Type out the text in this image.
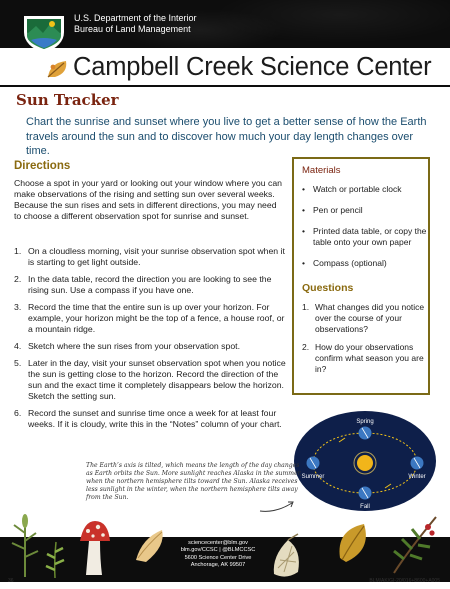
U.S. Department of the Interior
Bureau of Land Management
Campbell Creek Science Center
Sun Tracker

Chart the sunrise and sunset where you live to get a better sense of how the Earth travels around the sun and to discover how much your day length changes over time.

Directions

Choose a spot in your yard or looking out your window where you can make observations of the rising and setting sun over several weeks. Because the sun rises and sets in different directions, you may need to choose a different observation spot for sunrise and sunset.

1. On a cloudless morning, visit your sunrise observation spot when it is starting to get light outside.
2. In the data table, record the direction you are looking to see the rising sun. Use a compass if you have one.
3. Record the time that the entire sun is up over your horizon. For example, your horizon might be the top of a fence, a house roof, or a mountain ridge.
4. Sketch where the sun rises from your observation spot.
5. Later in the day, visit your sunset observation spot when you notice the sun is getting close to the horizon. Record the direction of the sun and the exact time it completely disappears below the horizon. Sketch the setting sun.
6. Record the sunset and sunrise time once a week for at least four weeks. If it is cloudy, write this in the “Notes” column of your chart.
Materials
• Watch or portable clock
• Pen or pencil
• Printed data table, or copy the table onto your own paper
• Compass (optional)
Questions
1. What changes did you notice over the course of your observations?
2. How do your observations confirm what season you are in?
Spring
Summer	Winter
Fall

The Earth’s axis is tilted, which means the length of the day changes as Earth orbits the Sun. More sunlight reaches Alaska in the summer, when the northern hemisphere tilts toward the Sun. Alaska receives less sunlight in the winter, when the northern hemisphere tilts away from the Sun.

sciencecenter@blm.gov
blm.gov/CCSC | @BLMCCSC
5600 Science Center Drive
Anchorage, AK 99507
36	BLM/AK/GI-20/016+8600+A005
